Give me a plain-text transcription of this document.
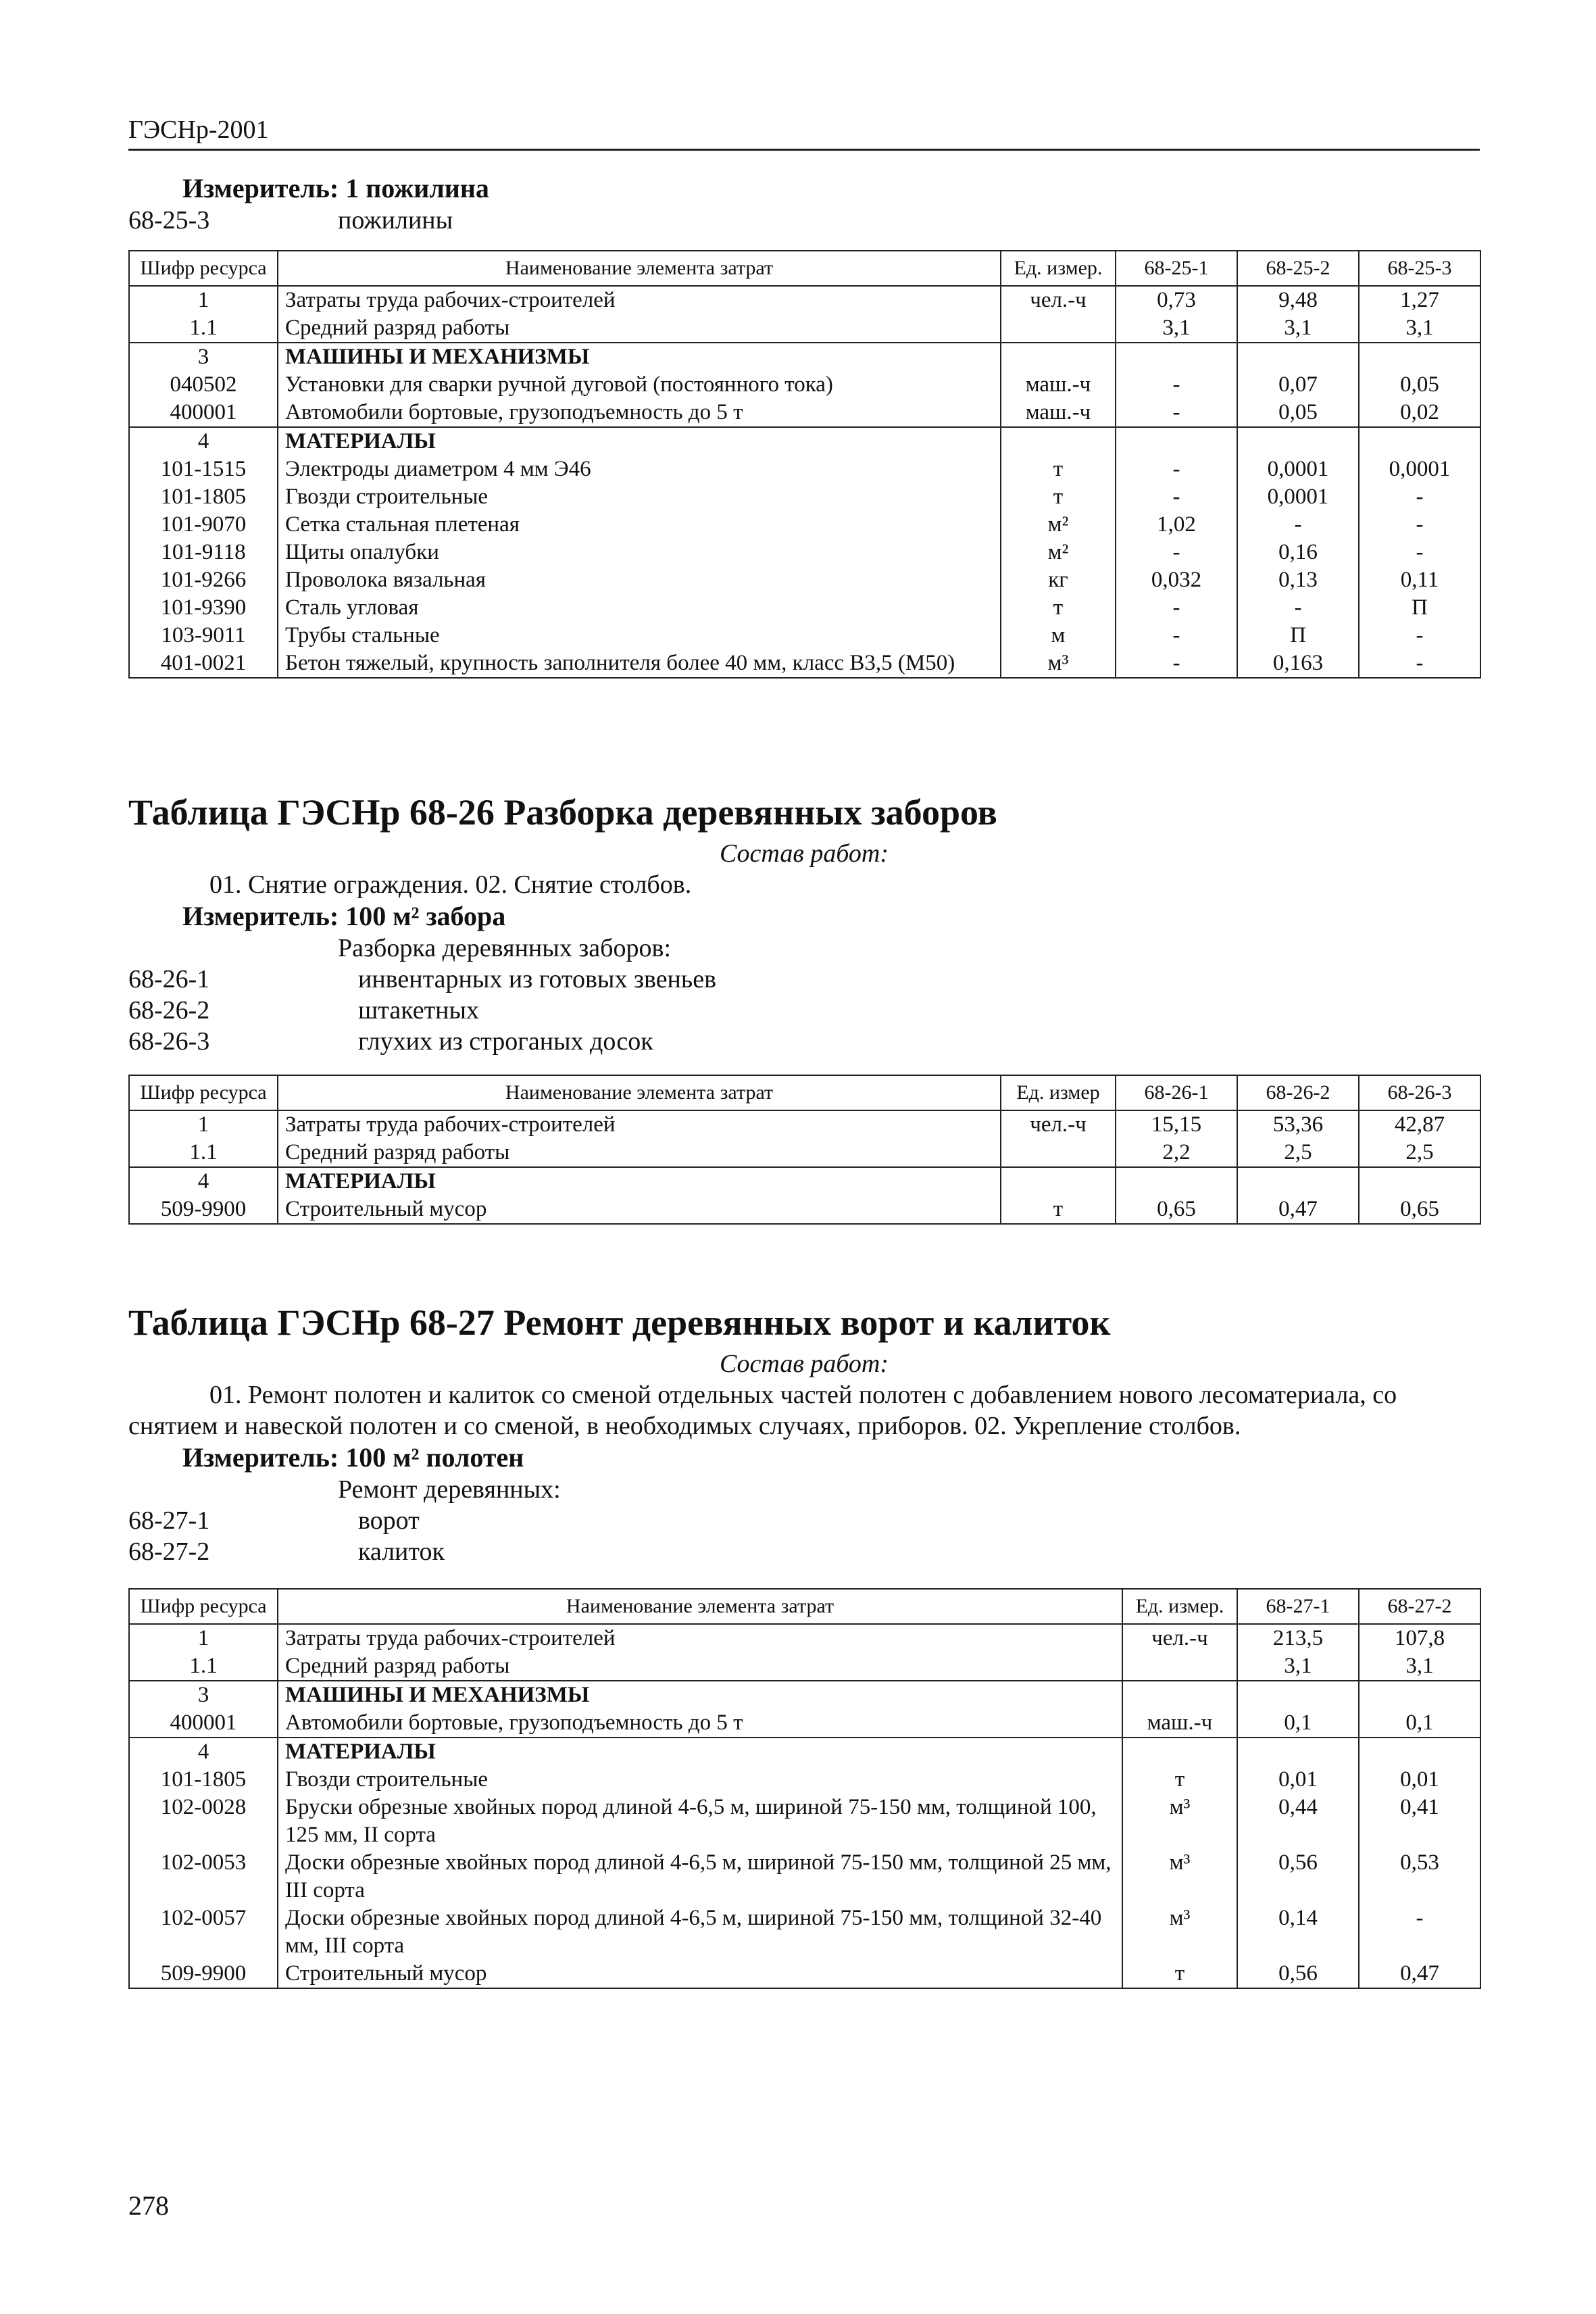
ГЭСНр-2001
Измеритель: 1 пожилина
68-25-3	пожилины
Шифр ресурса	Наименование элемента затрат	Ед. измер.	68-25-1	68-25-2	68-25-3
1	Затраты труда рабочих-строителей	чел.-ч	0,73	9,48	1,27
1.1	Средний разряд работы		3,1	3,1	3,1
3	МАШИНЫ И МЕХАНИЗМЫ				
040502	Установки для сварки ручной дуговой (постоянного тока)	маш.-ч	-	0,07	0,05
400001	Автомобили бортовые, грузоподъемность до 5 т	маш.-ч	-	0,05	0,02
4	МАТЕРИАЛЫ				
101-1515	Электроды диаметром 4 мм Э46	т	-	0,0001	0,0001
101-1805	Гвозди строительные	т	-	0,0001	-
101-9070	Сетка стальная плетеная	м²	1,02	-	-
101-9118	Щиты опалубки	м²	-	0,16	-
101-9266	Проволока вязальная	кг	0,032	0,13	0,11
101-9390	Сталь угловая	т	-	-	П
103-9011	Трубы стальные	м	-	П	-
401-0021	Бетон тяжелый, крупность заполнителя более 40 мм, класс В3,5 (М50)	м³	-	0,163	-
Таблица ГЭСНр 68-26 Разборка деревянных заборов
Состав работ:
01. Снятие ограждения. 02. Снятие столбов.
Измеритель: 100 м² забора
Разборка деревянных заборов:
68-26-1	инвентарных из готовых звеньев
68-26-2	штакетных
68-26-3	глухих из строганых досок
Шифр ресурса	Наименование элемента затрат	Ед. измер	68-26-1	68-26-2	68-26-3
1	Затраты труда рабочих-строителей	чел.-ч	15,15	53,36	42,87
1.1	Средний разряд работы		2,2	2,5	2,5
4	МАТЕРИАЛЫ				
509-9900	Строительный мусор	т	0,65	0,47	0,65
Таблица ГЭСНр 68-27 Ремонт деревянных ворот и калиток
Состав работ:
01. Ремонт полотен и калиток со сменой отдельных частей полотен с добавлением нового лесоматериала, со снятием и навеской полотен и со сменой, в необходимых случаях, приборов. 02. Укрепление столбов.
Измеритель: 100 м² полотен
Ремонт деревянных:
68-27-1	ворот
68-27-2	калиток
Шифр ресурса	Наименование элемента затрат	Ед. измер.	68-27-1	68-27-2
1	Затраты труда рабочих-строителей	чел.-ч	213,5	107,8
1.1	Средний разряд работы		3,1	3,1
3	МАШИНЫ И МЕХАНИЗМЫ			
400001	Автомобили бортовые, грузоподъемность до 5 т	маш.-ч	0,1	0,1
4	МАТЕРИАЛЫ			
101-1805	Гвозди строительные	т	0,01	0,01
102-0028	Бруски обрезные хвойных пород длиной 4-6,5 м, шириной 75-150 мм, толщиной 100, 125 мм, II сорта	м³	0,44	0,41
102-0053	Доски обрезные хвойных пород длиной 4-6,5 м, шириной 75-150 мм, толщиной 25 мм, III сорта	м³	0,56	0,53
102-0057	Доски обрезные хвойных пород длиной 4-6,5 м, шириной 75-150 мм, толщиной 32-40 мм, III сорта	м³	0,14	-
509-9900	Строительный мусор	т	0,56	0,47
278
